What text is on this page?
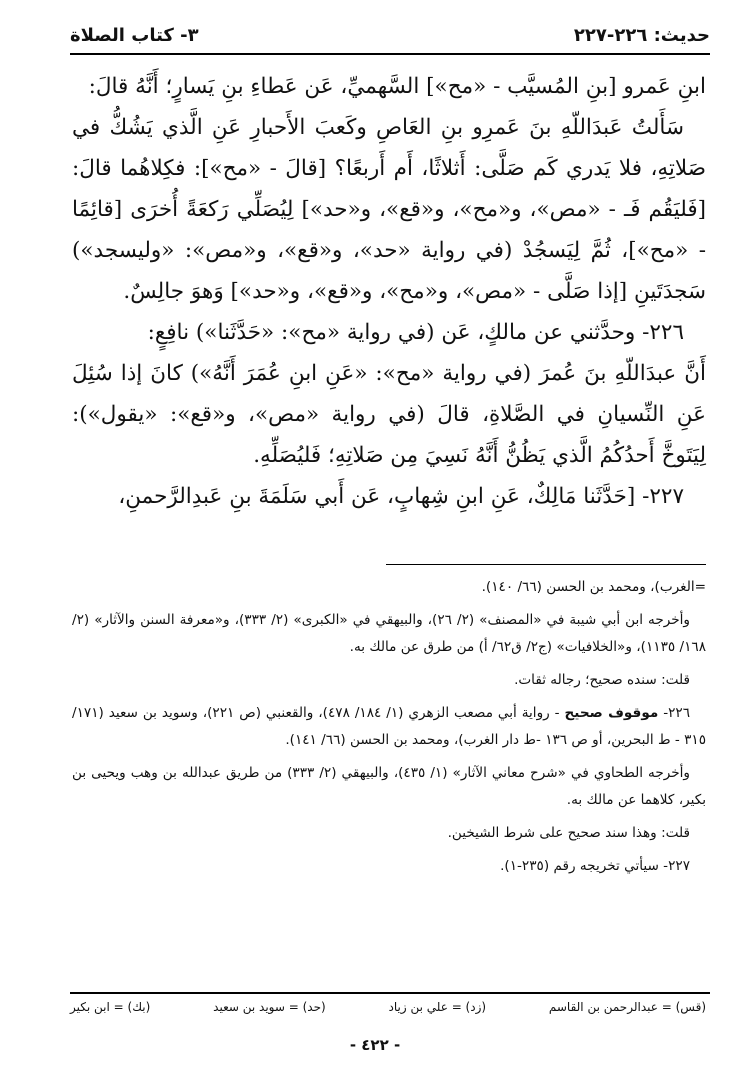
حديث: ٢٢٦-٢٢٧
٣- كتاب الصلاة

ابنِ عَمرو [بنِ المُسيَّب - «مح»] السَّهميِّ، عَن عَطاءِ بنِ يَسارٍ؛ أَنَّهُ قالَ:

سَأَلتُ عَبدَاللّهِ بنَ عَمرِو بنِ العَاصِ وكَعبَ الأَحبارِ عَنِ الَّذي يَشُكُّ في صَلاتِهِ، فلا يَدري كَم صَلَّى: أَثلاثًا، أَم أَربعًا؟ [قالَ - «مح»]: فكِلاهُما قالَ: [فَليَقُم فَـ - «مص»، و«مح»، و«قع»، و«حد»] لِيُصَلِّي رَكعَةً أُخرَى [قائِمًا - «مح»]، ثُمَّ لِيَسجُدْ (في رواية «حد»، و«قع»، و«مص»: «وليسجد») سَجدَتَينِ [إذا صَلَّى - «مص»، و«مح»، و«قع»، و«حد»] وَهوَ جالِسٌ.

٢٢٦- وحدَّثني عن مالكٍ، عَن (في رواية «مح»: «حَدَّثَنا») نافِعٍ:

أَنَّ عبدَاللّهِ بنَ عُمرَ (في رواية «مح»: «عَنِ ابنِ عُمَرَ أَنَّهُ») كانَ إذا سُئِلَ عَنِ النِّسيانِ في الصَّلاةِ، قالَ (في رواية «مص»، و«قع»: «يقول»): لِيَتَوخَّ أَحدُكُمُ الَّذي يَظُنُّ أَنَّهُ نَسِيَ مِن صَلاتِهِ؛ فَليُصَلِّهِ.

٢٢٧- [حَدَّثَنا مَالِكٌ، عَنِ ابنِ شِهابٍ، عَن أَبي سَلَمَةَ بنِ عَبدِالرَّحمنِ،

=الغرب)، ومحمد بن الحسن (٦٦/ ١٤٠).

وأخرجه ابن أبي شيبة في «المصنف» (٢/ ٢٦)، والبيهقي في «الكبرى» (٢/ ٣٣٣)، و«معرفة السنن والآثار» (٢/ ١٦٨/ ١١٣٥)، و«الخلافيات» (ج٢/ ق٦٢/ أ) من طرق عن مالك به.

قلت: سنده صحيح؛ رجاله ثقات.

٢٢٦- موقوف صحيح - رواية أبي مصعب الزهري (١/ ١٨٤/ ٤٧٨)، والقعنبي (ص ٢٢١)، وسويد بن سعيد (١٧١/ ٣١٥ - ط البحرين، أو ص ١٣٦ -ط دار الغرب)، ومحمد بن الحسن (٦٦/ ١٤١).

وأخرجه الطحاوي في «شرح معاني الآثار» (١/ ٤٣٥)، والبيهقي (٢/ ٣٣٣) من طريق عبدالله بن وهب ويحيى بن بكير، كلاهما عن مالك به.

قلت: وهذا سند صحيح على شرط الشيخين.

٢٢٧- سيأتي تخريجه رقم (٢٣٥-١).

(قس) = عبدالرحمن بن القاسم
(زد) = علي بن زياد
(حد) = سويد بن سعيد
(بك) = ابن بكير
- ٤٢٢ -
